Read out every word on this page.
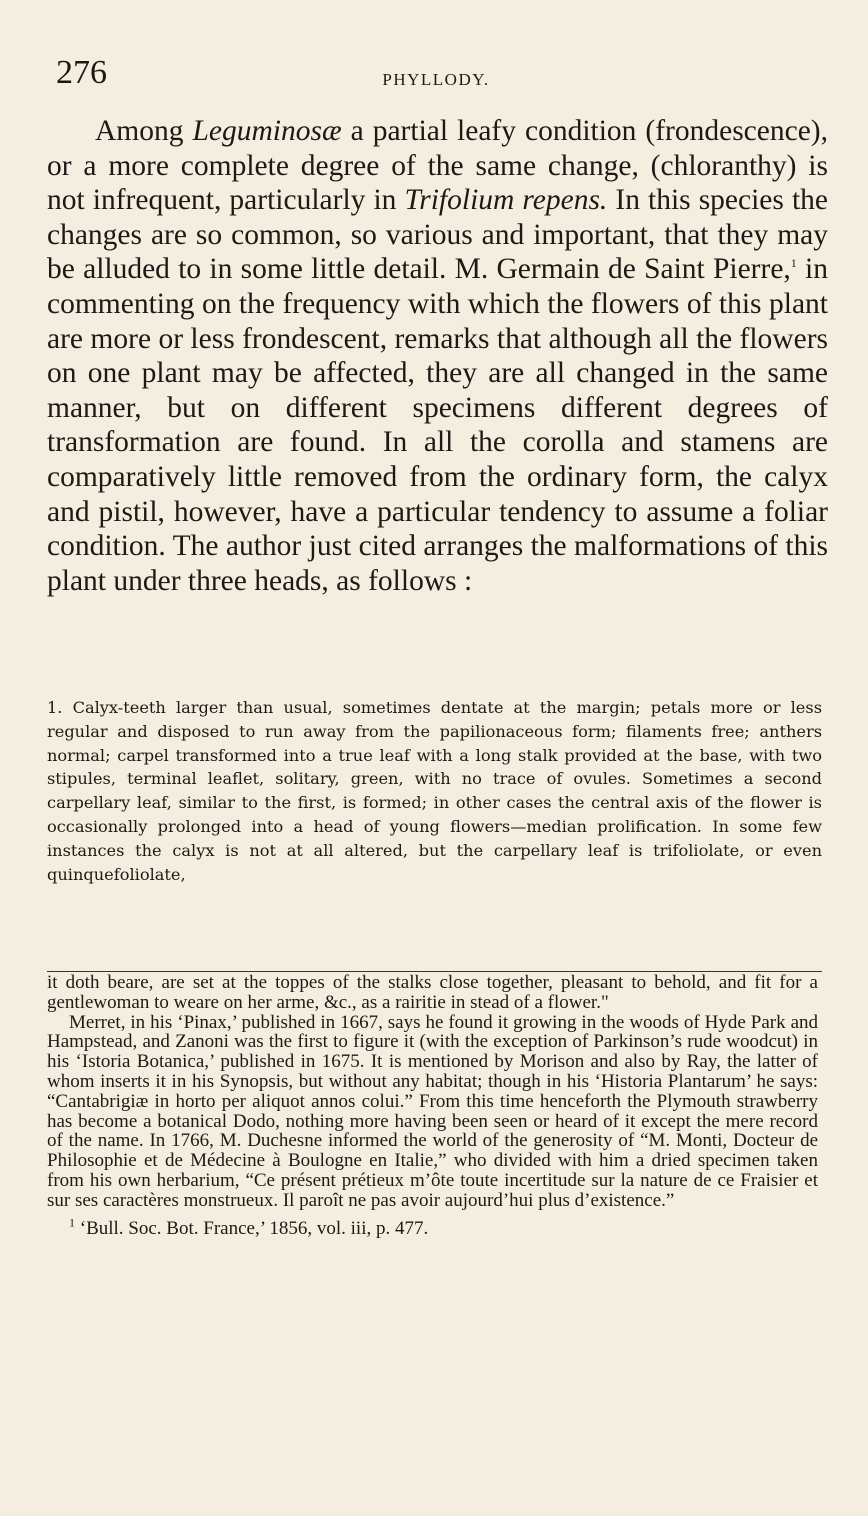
276	PHYLLODY.

Among Leguminosæ a partial leafy condition (frondescence), or a more complete degree of the same change, (chloranthy) is not infrequent, particularly in Trifolium repens. In this species the changes are so common, so various and important, that they may be alluded to in some little detail. M. Germain de Saint Pierre,$^1$ in commenting on the frequency with which the flowers of this plant are more or less frondescent, remarks that although all the flowers on one plant may be affected, they are all changed in the same manner, but on different specimens different degrees of transformation are found. In all the corolla and stamens are comparatively little removed from the ordinary form, the calyx and pistil, however, have a particular tendency to assume a foliar condition. The author just cited arranges the malformations of this plant under three heads, as follows :

1. Calyx-teeth larger than usual, sometimes dentate at the margin; petals more or less regular and disposed to run away from the papilionaceous form; filaments free; anthers normal; carpel transformed into a true leaf with a long stalk provided at the base, with two stipules, terminal leaflet, solitary, green, with no trace of ovules. Sometimes a second carpellary leaf, similar to the first, is formed; in other cases the central axis of the flower is occasionally prolonged into a head of young flowers—median prolification. In some few instances the calyx is not at all altered, but the carpellary leaf is trifoliolate, or even quinquefoliolate,

it doth beare, are set at the toppes of the stalks close together, pleasant to behold, and fit for a gentlewoman to weare on her arme, &c., as a rairitie in stead of a flower."

Merret, in his ‘Pinax,’ published in 1667, says he found it growing in the woods of Hyde Park and Hampstead, and Zanoni was the first to figure it (with the exception of Parkinson’s rude woodcut) in his ‘Istoria Botanica,’ published in 1675. It is mentioned by Morison and also by Ray, the latter of whom inserts it in his Synopsis, but without any habitat; though in his ‘Historia Plantarum’ he says: “Cantabrigiæ in horto per aliquot annos colui.” From this time henceforth the Plymouth strawberry has become a botanical Dodo, nothing more having been seen or heard of it except the mere record of the name. In 1766, M. Duchesne informed the world of the generosity of “M. Monti, Docteur de Philosophie et de Médecine à Boulogne en Italie,” who divided with him a dried specimen taken from his own herbarium, “Ce présent prétieux m’ôte toute incertitude sur la nature de ce Fraisier et sur ses caractères monstrueux. Il paroît ne pas avoir aujourd’hui plus d’existence.”

$^1$ ‘Bull. Soc. Bot. France,’ 1856, vol. iii, p. 477.
